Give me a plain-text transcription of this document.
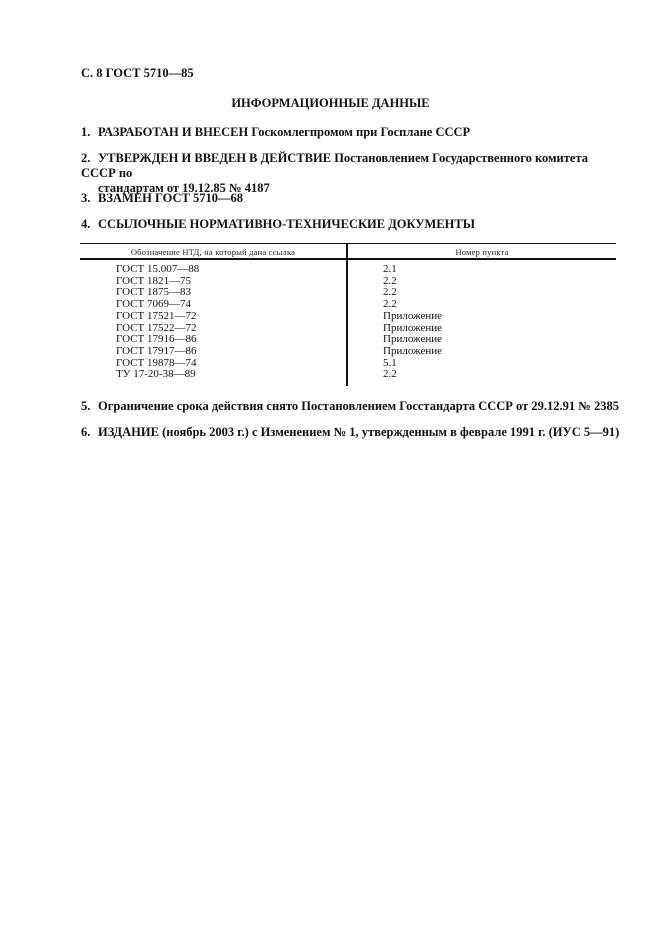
С. 8 ГОСТ 5710—85
ИНФОРМАЦИОННЫЕ ДАННЫЕ
1. РАЗРАБОТАН И ВНЕСЕН Госкомлегпромом при Госплане СССР
2. УТВЕРЖДЕН И ВВЕДЕН В ДЕЙСТВИЕ Постановлением Государственного комитета СССР по
стандартам от 19.12.85 № 4187
3. ВЗАМЕН ГОСТ 5710—68
4. ССЫЛОЧНЫЕ НОРМАТИВНО-ТЕХНИЧЕСКИЕ ДОКУМЕНТЫ
Обозначение НТД, на который дана ссылка	Номер пункта
ГОСТ 15.007—88
ГОСТ 1821—75
ГОСТ 1875—83
ГОСТ 7069—74
ГОСТ 17521—72
ГОСТ 17522—72
ГОСТ 17916—86
ГОСТ 17917—86
ГОСТ 19878—74
ТУ 17-20-38—89
2.1
2.2
2.2
2.2
Приложение
Приложение
Приложение
Приложение
5.1
2.2
5. Ограничение срока действия снято Постановлением Госстандарта СССР от 29.12.91 № 2385
6. ИЗДАНИЕ (ноябрь 2003 г.) с Изменением № 1, утвержденным в феврале 1991 г. (ИУС 5—91)
